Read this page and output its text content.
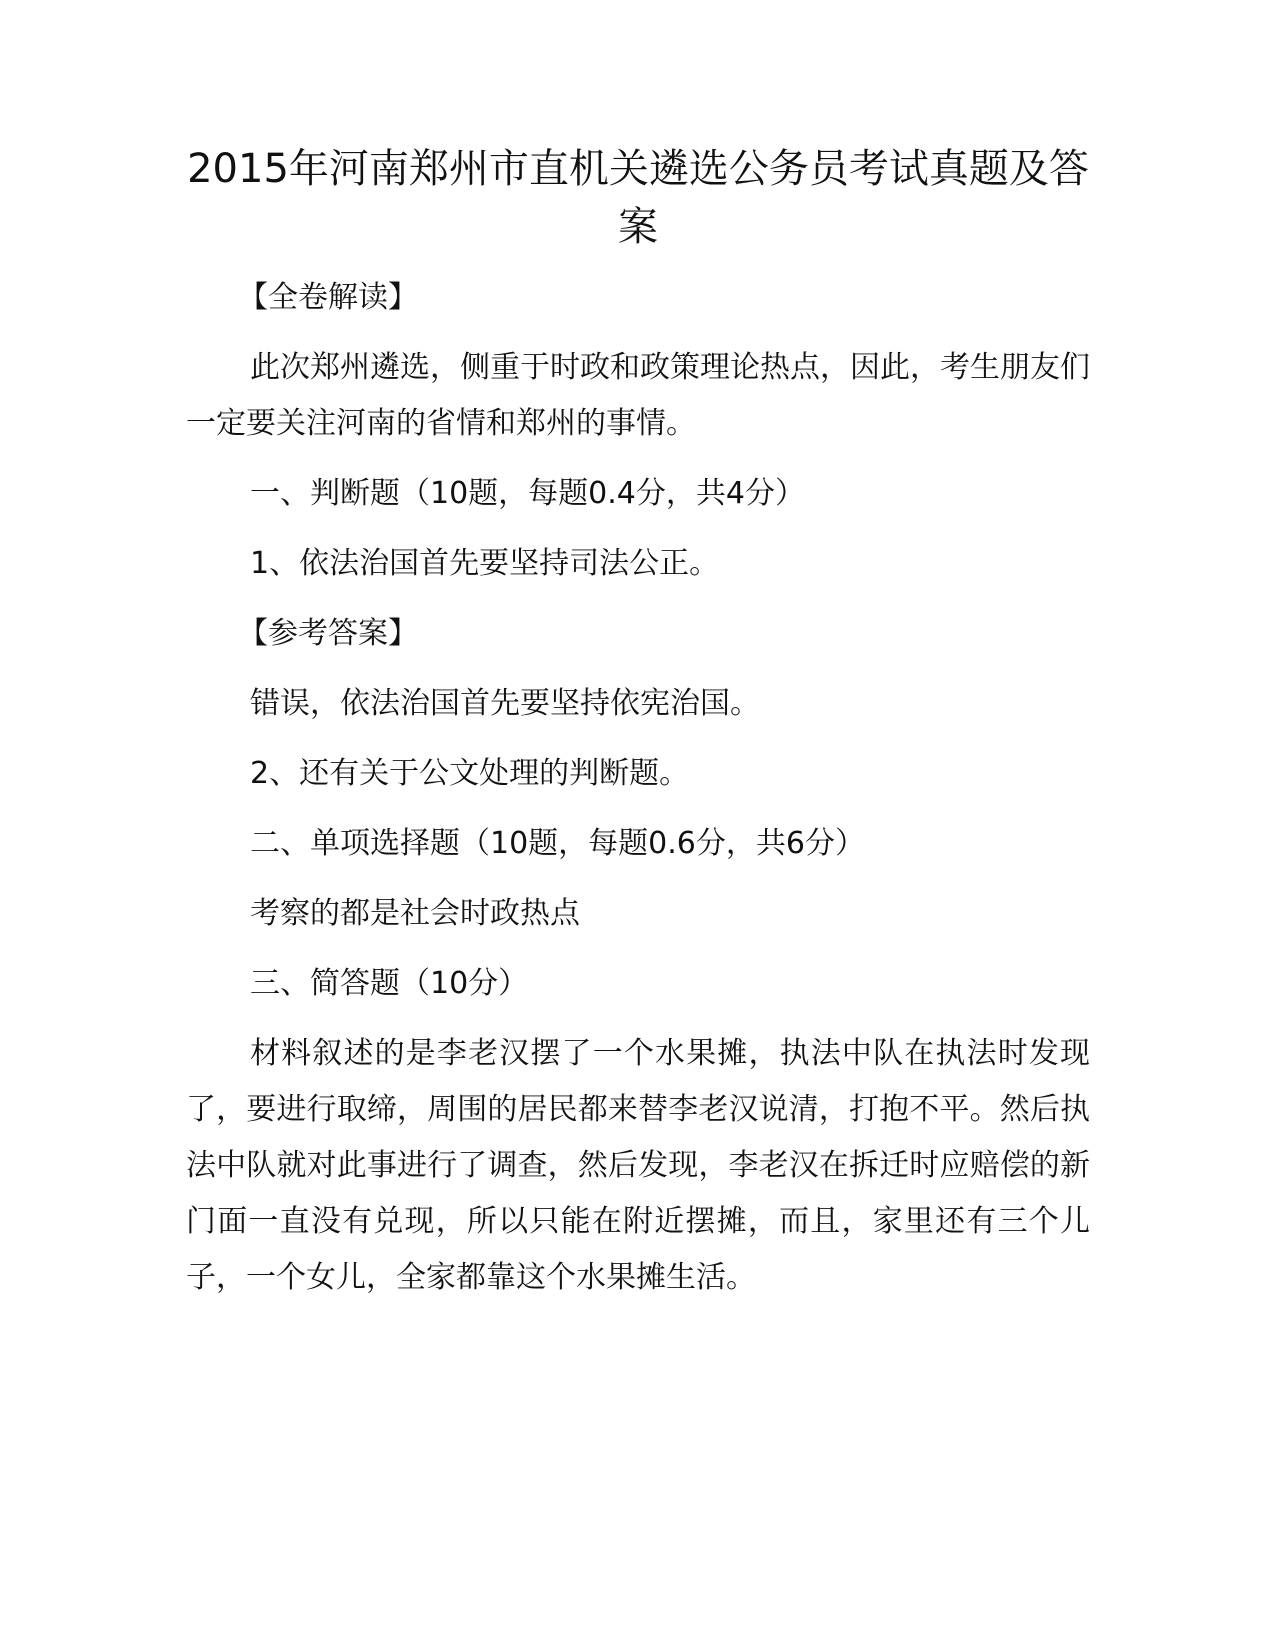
2015年河南郑州市直机关遴选公务员考试真题及答案

【全卷解读】

此次郑州遴选，侧重于时政和政策理论热点，因此，考生朋友们一定要关注河南的省情和郑州的事情。

一、判断题（10题，每题0.4分，共4分）

1、依法治国首先要坚持司法公正。

【参考答案】

错误，依法治国首先要坚持依宪治国。

2、还有关于公文处理的判断题。

二、单项选择题（10题，每题0.6分，共6分）

考察的都是社会时政热点

三、简答题（10分）

材料叙述的是李老汉摆了一个水果摊，执法中队在执法时发现了，要进行取缔，周围的居民都来替李老汉说清，打抱不平。然后执法中队就对此事进行了调查，然后发现，李老汉在拆迁时应赔偿的新门面一直没有兑现，所以只能在附近摆摊，而且，家里还有三个儿子，一个女儿，全家都靠这个水果摊生活。
